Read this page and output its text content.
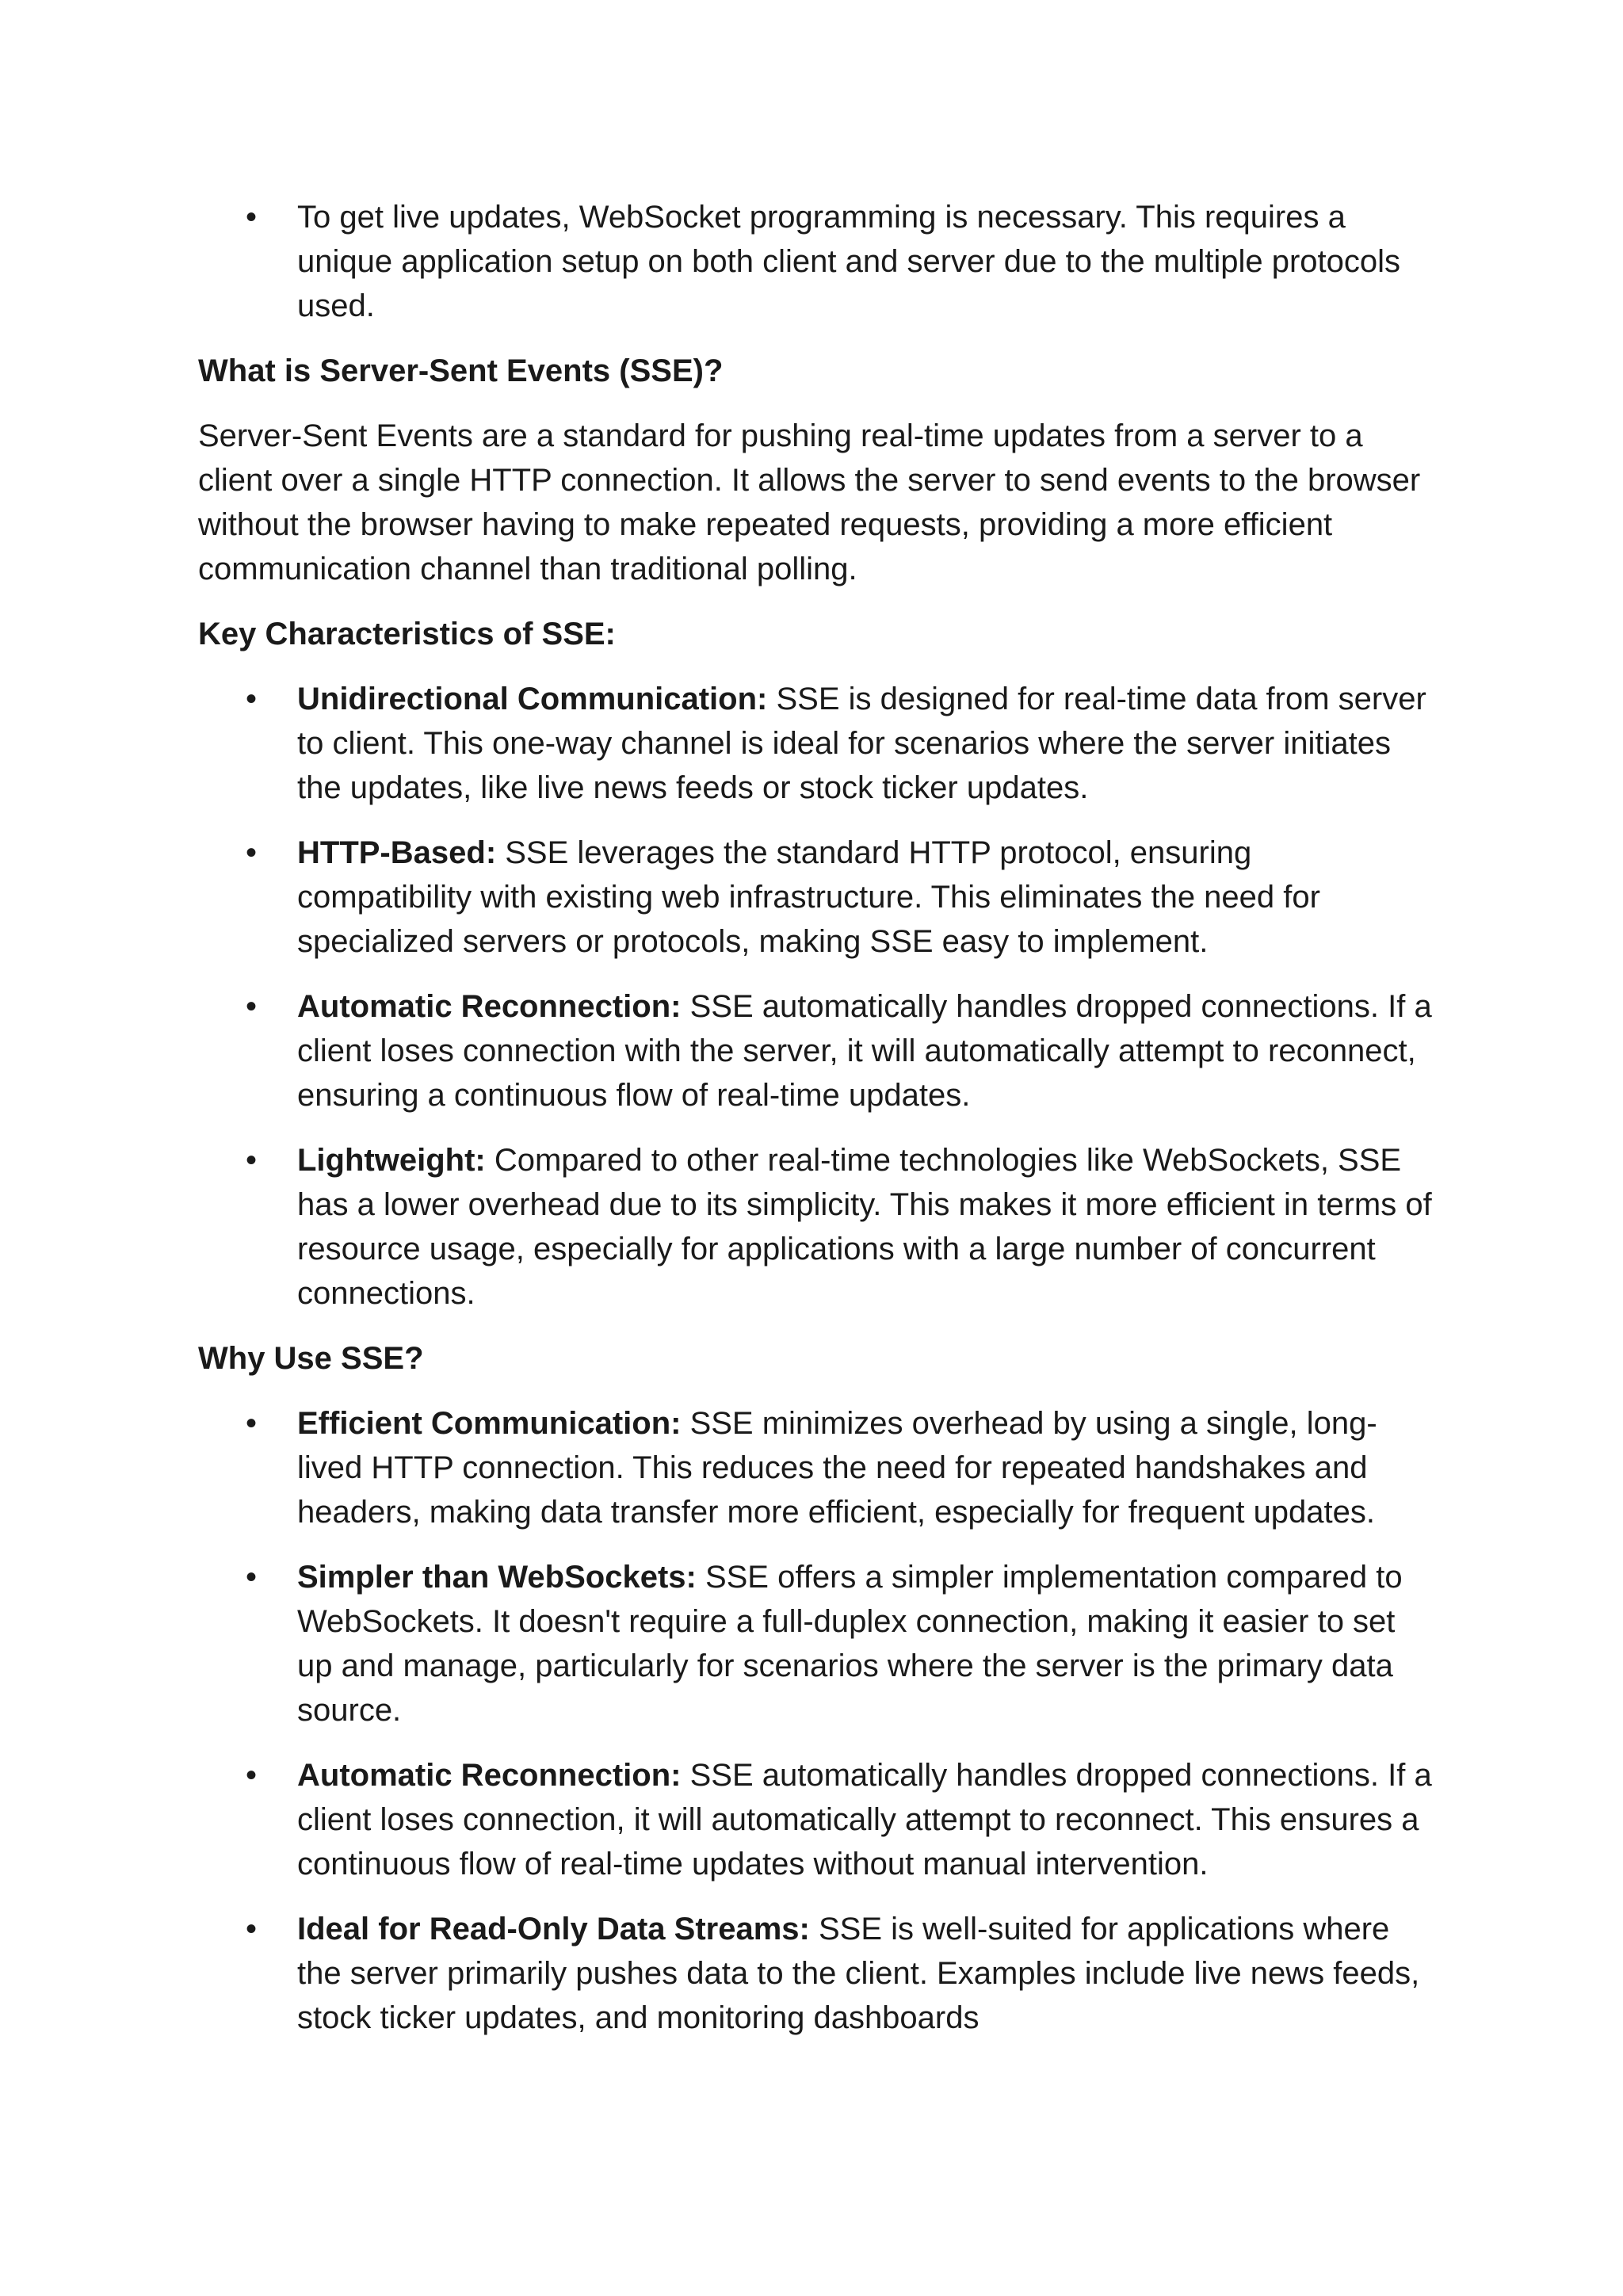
•
To get live updates, WebSocket programming is necessary. This requires a unique application setup on both client and server due to the multiple protocols used.
What is Server-Sent Events (SSE)?

Server-Sent Events are a standard for pushing real-time updates from a server to a client over a single HTTP connection. It allows the server to send events to the browser without the browser having to make repeated requests, providing a more efficient communication channel than traditional polling.

Key Characteristics of SSE:
•
Unidirectional Communication: SSE is designed for real-time data from server to client. This one-way channel is ideal for scenarios where the server initiates the updates, like live news feeds or stock ticker updates.
•
HTTP-Based: SSE leverages the standard HTTP protocol, ensuring compatibility with existing web infrastructure. This eliminates the need for specialized servers or protocols, making SSE easy to implement.
•
Automatic Reconnection: SSE automatically handles dropped connections. If a client loses connection with the server, it will automatically attempt to reconnect, ensuring a continuous flow of real-time updates.
•
Lightweight: Compared to other real-time technologies like WebSockets, SSE has a lower overhead due to its simplicity. This makes it more efficient in terms of resource usage, especially for applications with a large number of concurrent connections.
Why Use SSE?
•
Efficient Communication: SSE minimizes overhead by using a single, long-lived HTTP connection. This reduces the need for repeated handshakes and headers, making data transfer more efficient, especially for frequent updates.
•
Simpler than WebSockets: SSE offers a simpler implementation compared to WebSockets. It doesn't require a full-duplex connection, making it easier to set up and manage, particularly for scenarios where the server is the primary data source.
•
Automatic Reconnection: SSE automatically handles dropped connections. If a client loses connection, it will automatically attempt to reconnect. This ensures a continuous flow of real-time updates without manual intervention.
•
Ideal for Read-Only Data Streams: SSE is well-suited for applications where the server primarily pushes data to the client. Examples include live news feeds, stock ticker updates, and monitoring dashboards
